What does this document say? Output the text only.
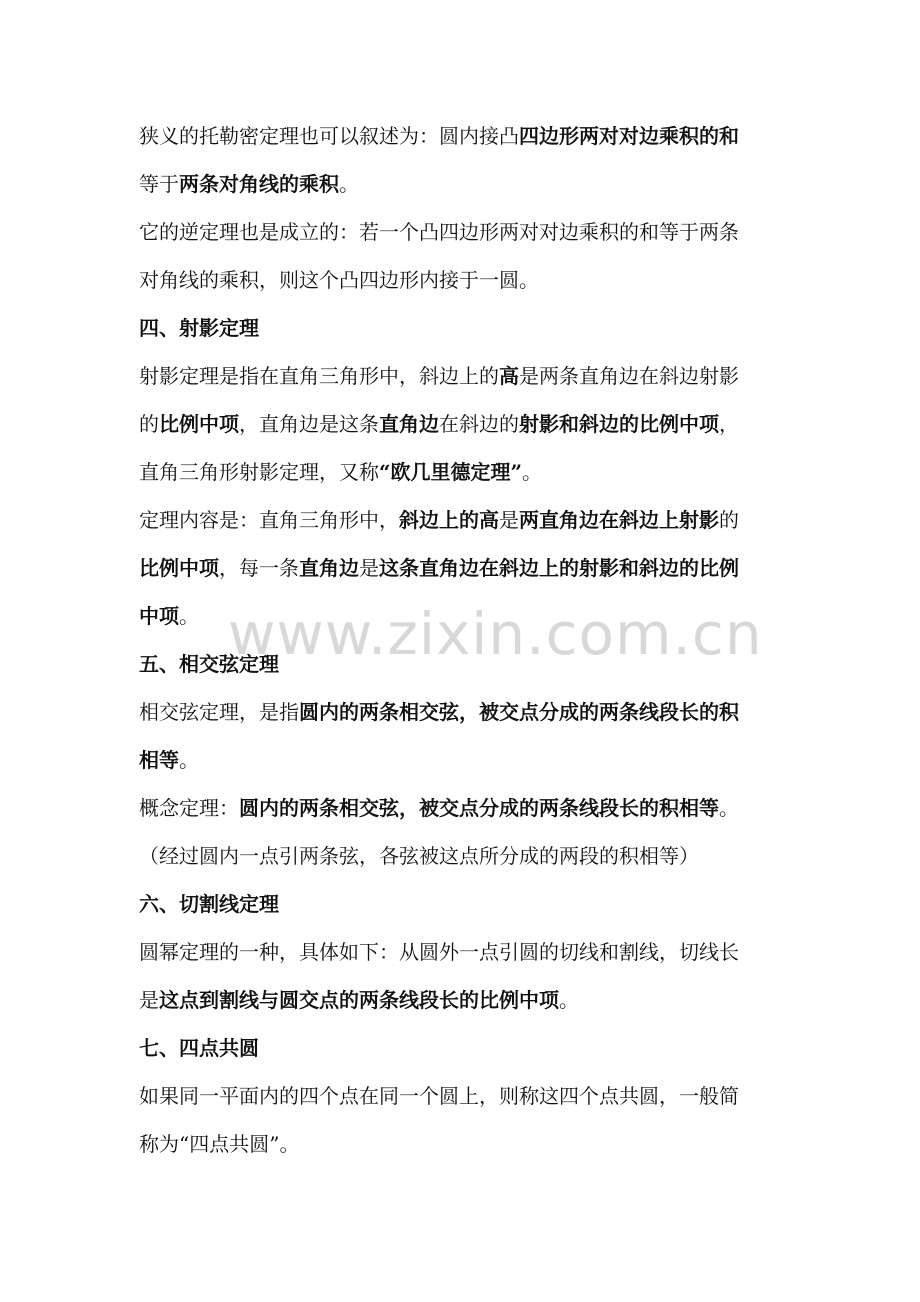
狭义的托勒密定理也可以叙述为：圆内接凸四边形两对对边乘积的和
等于两条对角线的乘积。
它的逆定理也是成立的：若一个凸四边形两对对边乘积的和等于两条
对角线的乘积，则这个凸四边形内接于一圆。
四、射影定理
射影定理是指在直角三角形中，斜边上的高是两条直角边在斜边射影
的比例中项，直角边是这条直角边在斜边的射影和斜边的比例中项，
直角三角形射影定理，又称“欧几里德定理”。
定理内容是：直角三角形中，斜边上的高是两直角边在斜边上射影的
比例中项，每一条直角边是这条直角边在斜边上的射影和斜边的比例
中项。
五、相交弦定理
相交弦定理，是指圆内的两条相交弦，被交点分成的两条线段长的积
相等。
概念定理：圆内的两条相交弦，被交点分成的两条线段长的积相等。
（经过圆内一点引两条弦，各弦被这点所分成的两段的积相等）
六、切割线定理
圆幂定理的一种，具体如下：从圆外一点引圆的切线和割线，切线长
是这点到割线与圆交点的两条线段长的比例中项。
七、四点共圆
如果同一平面内的四个点在同一个圆上，则称这四个点共圆，一般简
称为“四点共圆”。
www.zixin.com.cn
